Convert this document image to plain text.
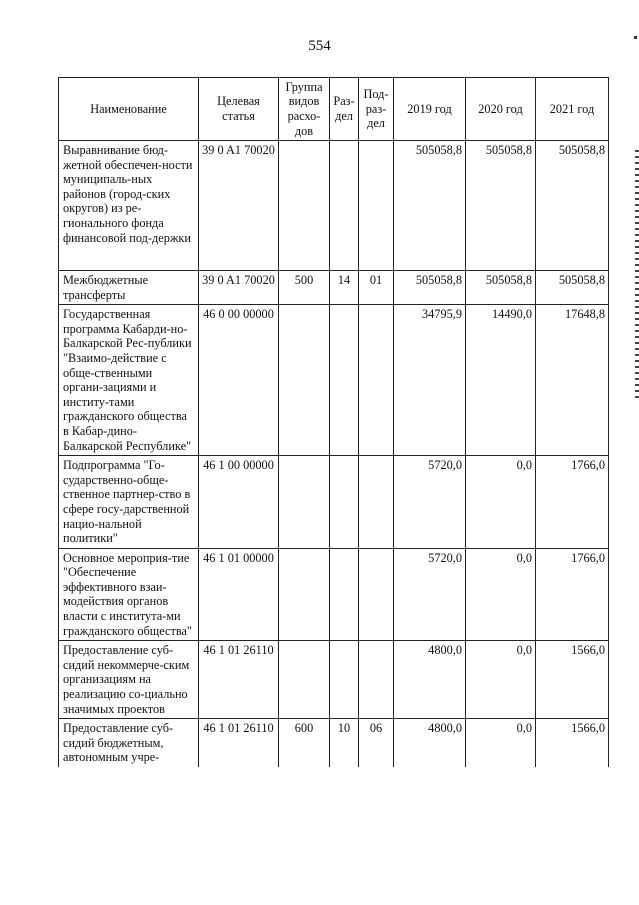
554
Наименование	Целевая статья	Группа видов расхо-дов	Раз-дел	Под-раз-дел	2019 год	2020 год	2021 год
Выравнивание бюд-жетной обеспечен-ности муниципаль-ных районов (город-ских округов) из ре-гионального фонда финансовой под-держки	39 0 A1 70020				505058,8	505058,8	505058,8
Межбюджетные трансферты	39 0 A1 70020	500	14	01	505058,8	505058,8	505058,8
Государственная программа Кабарди-но-Балкарской Рес-публики "Взаимо-действие с обще-ственными органи-зациями и институ-тами гражданского общества в Кабар-дино-Балкарской Республике"	46 0 00 00000				34795,9	14490,0	17648,8
Подпрограмма "Го-сударственно-обще-ственное партнер-ство в сфере госу-дарственной нацио-нальной политики"	46 1 00 00000				5720,0	0,0	1766,0
Основное мероприя-тие "Обеспечение эффективного взаи-модействия органов власти с института-ми гражданского общества"	46 1 01 00000				5720,0	0,0	1766,0
Предоставление суб-сидий некоммерче-ским организациям на реализацию со-циально значимых проектов	46 1 01 26110				4800,0	0,0	1566,0
Предоставление суб-сидий бюджетным, автономным учре-	46 1 01 26110	600	10	06	4800,0	0,0	1566,0
